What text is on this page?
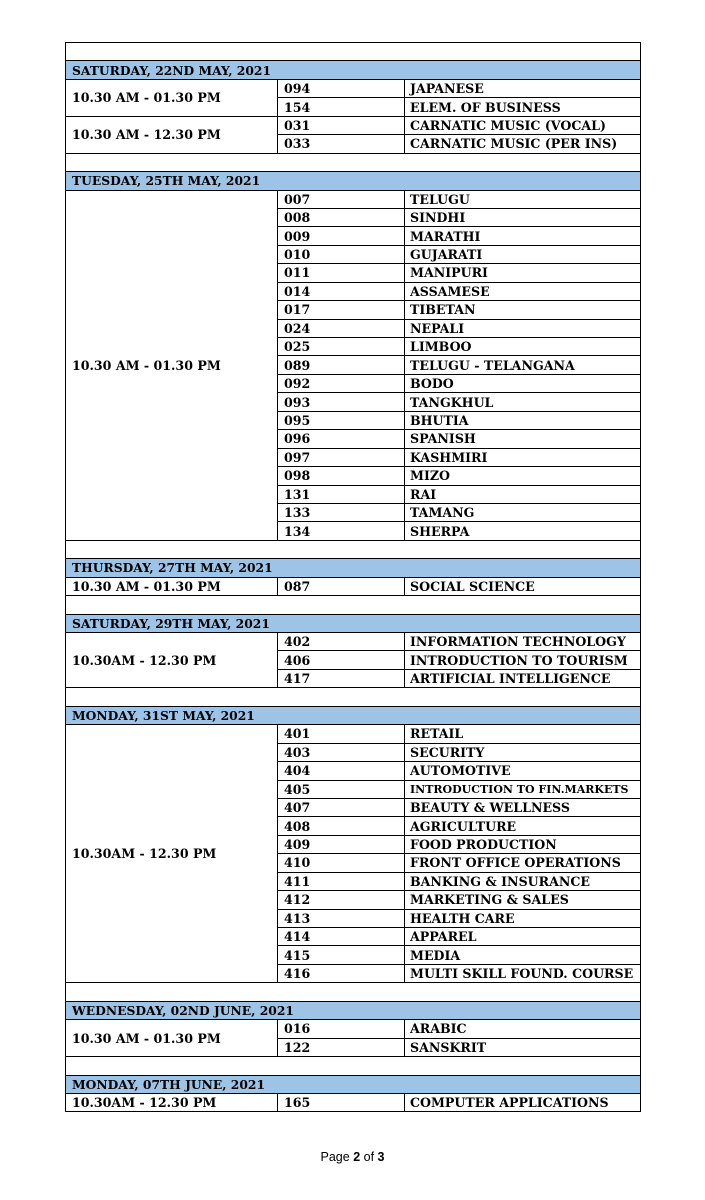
SATURDAY, 22ND MAY, 2021		
10.30 AM - 01.30 PM	094	JAPANESE
	154	ELEM. OF BUSINESS
10.30 AM - 12.30 PM	031	CARNATIC MUSIC (VOCAL)
	033	CARNATIC MUSIC (PER INS)

TUESDAY, 25TH MAY, 2021		
10.30 AM - 01.30 PM	007	TELUGU
	008	SINDHI
	009	MARATHI
	010	GUJARATI
	011	MANIPURI
	014	ASSAMESE
	017	TIBETAN
	024	NEPALI
	025	LIMBOO
	089	TELUGU - TELANGANA
	092	BODO
	093	TANGKHUL
	095	BHUTIA
	096	SPANISH
	097	KASHMIRI
	098	MIZO
	131	RAI
	133	TAMANG
	134	SHERPA

THURSDAY, 27TH MAY, 2021		
10.30 AM - 01.30 PM	087	SOCIAL SCIENCE

SATURDAY, 29TH MAY, 2021		
10.30AM - 12.30 PM	402	INFORMATION TECHNOLOGY
	406	INTRODUCTION TO TOURISM
	417	ARTIFICIAL INTELLIGENCE

MONDAY, 31ST MAY, 2021		
10.30AM - 12.30 PM	401	RETAIL
	403	SECURITY
	404	AUTOMOTIVE
	405	INTRODUCTION TO FIN.MARKETS
	407	BEAUTY & WELLNESS
	408	AGRICULTURE
	409	FOOD PRODUCTION
	410	FRONT OFFICE OPERATIONS
	411	BANKING & INSURANCE
	412	MARKETING & SALES
	413	HEALTH CARE
	414	APPAREL
	415	MEDIA
	416	MULTI SKILL FOUND. COURSE

WEDNESDAY, 02ND JUNE, 2021		
10.30 AM - 01.30 PM	016	ARABIC
	122	SANSKRIT

MONDAY, 07TH JUNE, 2021		
10.30AM - 12.30 PM	165	COMPUTER APPLICATIONS
Page 2 of 3
